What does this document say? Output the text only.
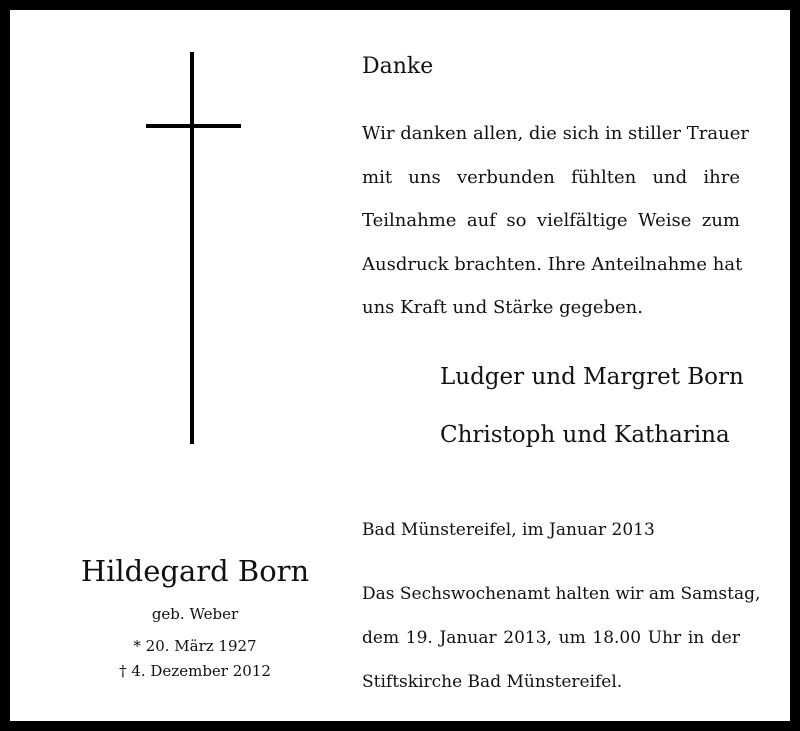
Hildegard Born
geb. Weber
* 20. März 1927
† 4. Dezember 2012
Danke
Wir danken allen, die sich in stiller Trauer
mit uns verbunden fühlten und ihre
Teilnahme auf so vielfältige Weise zum
Ausdruck brachten. Ihre Anteilnahme hat
uns Kraft und Stärke gegeben.
Ludger und Margret Born
Christoph und Katharina
Bad Münstereifel, im Januar 2013
Das Sechswochenamt halten wir am Samstag,
dem 19. Januar 2013, um 18.00 Uhr in der
Stiftskirche Bad Münstereifel.
